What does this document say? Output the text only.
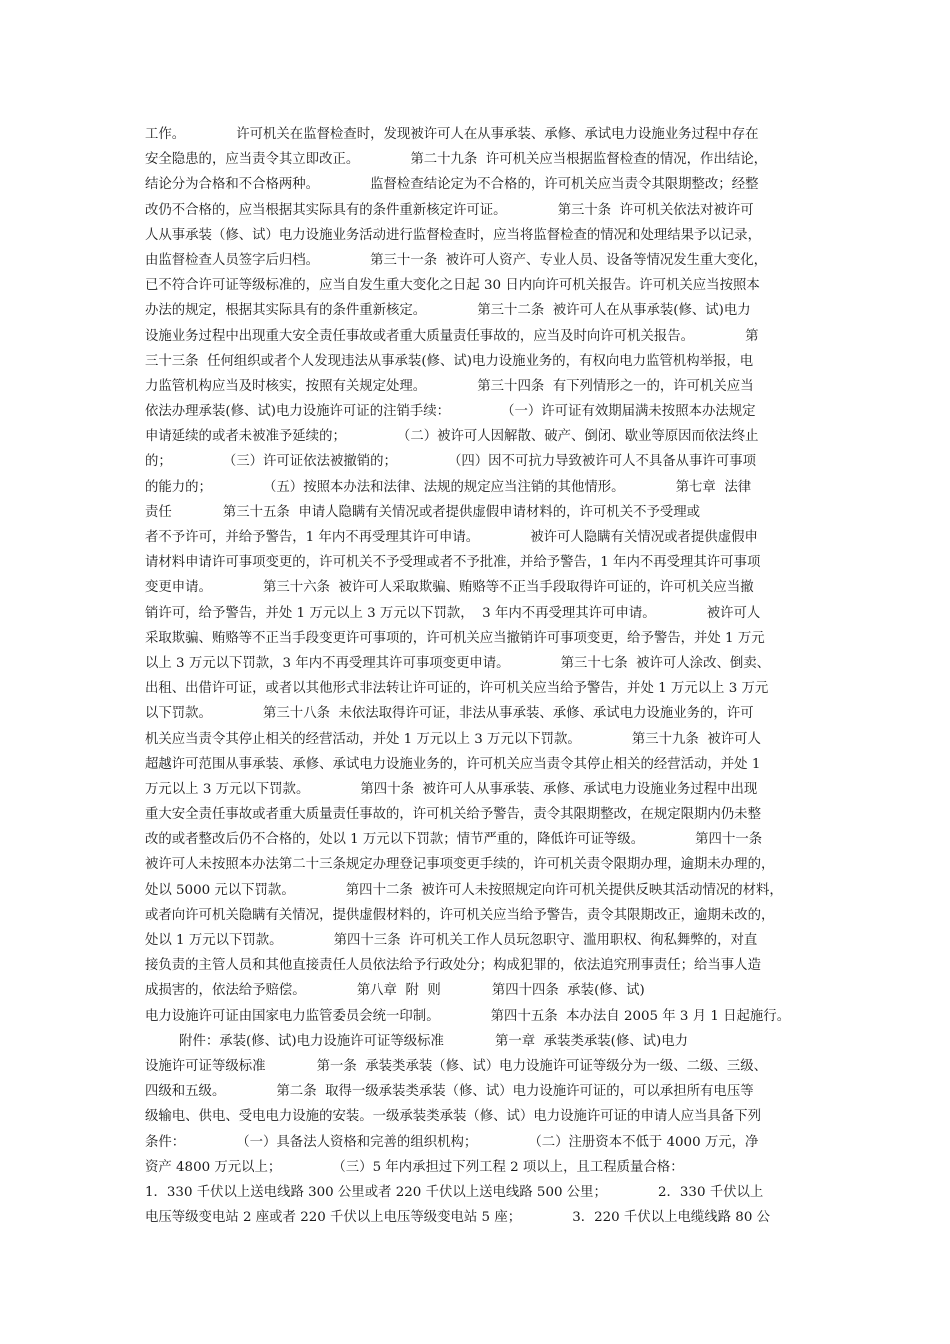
工作。            许可机关在监督检查时，发现被许可人在从事承装、承修、承试电力设施业务过程中存在
安全隐患的，应当责令其立即改正。            第二十九条  许可机关应当根据监督检查的情况，作出结论，
结论分为合格和不合格两种。            监督检查结论定为不合格的，许可机关应当责令其限期整改；经整
改仍不合格的，应当根据其实际具有的条件重新核定许可证。            第三十条  许可机关依法对被许可
人从事承装（修、试）电力设施业务活动进行监督检查时，应当将监督检查的情况和处理结果予以记录，
由监督检查人员签字后归档。            第三十一条  被许可人资产、专业人员、设备等情况发生重大变化，
已不符合许可证等级标准的，应当自发生重大变化之日起 30 日内向许可机关报告。许可机关应当按照本
办法的规定，根据其实际具有的条件重新核定。            第三十二条  被许可人在从事承装(修、试)电力
设施业务过程中出现重大安全责任事故或者重大质量责任事故的，应当及时向许可机关报告。            第
三十三条  任何组织或者个人发现违法从事承装(修、试)电力设施业务的，有权向电力监管机构举报，电
力监管机构应当及时核实，按照有关规定处理。            第三十四条  有下列情形之一的，许可机关应当
依法办理承装(修、试)电力设施许可证的注销手续：            （一）许可证有效期届满未按照本办法规定
申请延续的或者未被准予延续的；            （二）被许可人因解散、破产、倒闭、歇业等原因而依法终止
的；            （三）许可证依法被撤销的；            （四）因不可抗力导致被许可人不具备从事许可事项
的能力的；            （五）按照本办法和法律、法规的规定应当注销的其他情形。            第七章  法律
责任            第三十五条  申请人隐瞒有关情况或者提供虚假申请材料的，许可机关不予受理或
者不予许可，并给予警告，1 年内不再受理其许可申请。            被许可人隐瞒有关情况或者提供虚假申
请材料申请许可事项变更的，许可机关不予受理或者不予批准，并给予警告，1 年内不再受理其许可事项
变更申请。            第三十六条  被许可人采取欺骗、贿赂等不正当手段取得许可证的，许可机关应当撤
销许可，给予警告，并处 1 万元以上 3 万元以下罚款，  3 年内不再受理其许可申请。            被许可人
采取欺骗、贿赂等不正当手段变更许可事项的，许可机关应当撤销许可事项变更，给予警告，并处 1 万元
以上 3 万元以下罚款，3 年内不再受理其许可事项变更申请。            第三十七条  被许可人涂改、倒卖、
出租、出借许可证，或者以其他形式非法转让许可证的，许可机关应当给予警告，并处 1 万元以上 3 万元
以下罚款。            第三十八条  未依法取得许可证，非法从事承装、承修、承试电力设施业务的，许可
机关应当责令其停止相关的经营活动，并处 1 万元以上 3 万元以下罚款。            第三十九条  被许可人
超越许可范围从事承装、承修、承试电力设施业务的，许可机关应当责令其停止相关的经营活动，并处 1
万元以上 3 万元以下罚款。            第四十条  被许可人从事承装、承修、承试电力设施业务过程中出现
重大安全责任事故或者重大质量责任事故的，许可机关给予警告，责令其限期整改，在规定限期内仍未整
改的或者整改后仍不合格的，处以 1 万元以下罚款；情节严重的，降低许可证等级。            第四十一条
被许可人未按照本办法第二十三条规定办理登记事项变更手续的，许可机关责令限期办理，逾期未办理的，
处以 5000 元以下罚款。            第四十二条  被许可人未按照规定向许可机关提供反映其活动情况的材料，
或者向许可机关隐瞒有关情况，提供虚假材料的，许可机关应当给予警告，责令其限期改正，逾期未改的，
处以 1 万元以下罚款。            第四十三条  许可机关工作人员玩忽职守、滥用职权、徇私舞弊的，对直
接负责的主管人员和其他直接责任人员依法给予行政处分；构成犯罪的，依法追究刑事责任；给当事人造
成损害的，依法给予赔偿。            第八章  附  则            第四十四条  承装(修、试)
电力设施许可证由国家电力监管委员会统一印制。            第四十五条  本办法自 2005 年 3 月 1 日起施行。
附件：承装(修、试)电力设施许可证等级标准            第一章  承装类承装(修、试)电力
设施许可证等级标准            第一条  承装类承装（修、试）电力设施许可证等级分为一级、二级、三级、
四级和五级。            第二条  取得一级承装类承装（修、试）电力设施许可证的，可以承担所有电压等
级输电、供电、受电电力设施的安装。一级承装类承装（修、试）电力设施许可证的申请人应当具备下列
条件：            （一）具备法人资格和完善的组织机构；            （二）注册资本不低于 4000 万元，净
资产 4800 万元以上；            （三）5 年内承担过下列工程 2 项以上，且工程质量合格：
1．330 千伏以上送电线路 300 公里或者 220 千伏以上送电线路 500 公里；            2．330 千伏以上
电压等级变电站 2 座或者 220 千伏以上电压等级变电站 5 座；            3．220 千伏以上电缆线路 80 公
